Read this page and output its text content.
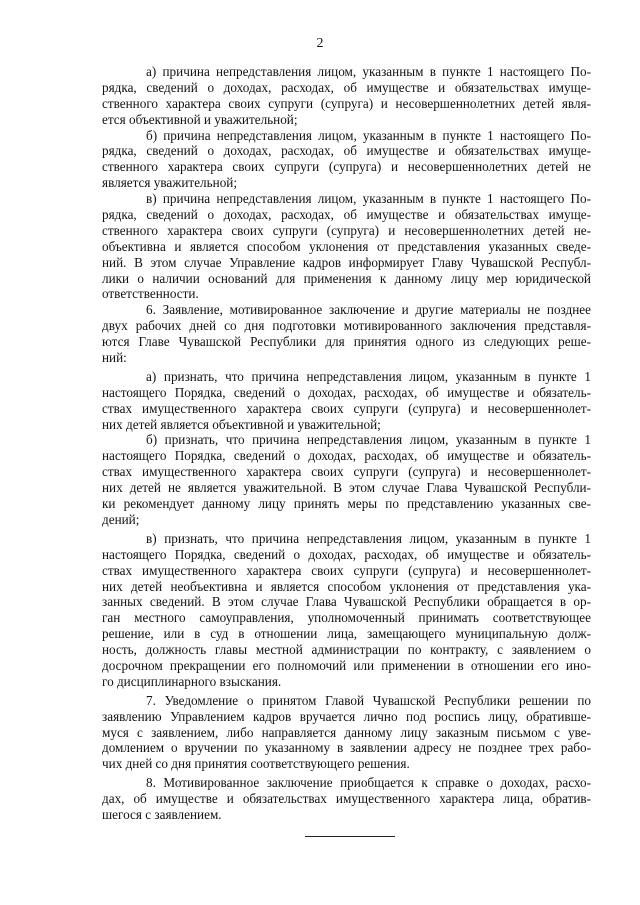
2
а) причина непредставления лицом, указанным в пункте 1 настоящего По-
рядка, сведений о доходах, расходах, об имуществе и обязательствах имуще-
ственного характера своих супруги (супруга) и несовершеннолетних детей явля-
ется объективной и уважительной;
б) причина непредставления лицом, указанным в пункте 1 настоящего По-
рядка, сведений о доходах, расходах, об имуществе и обязательствах имуще-
ственного характера своих супруги (супруга) и несовершеннолетних детей не
является уважительной;
в) причина непредставления лицом, указанным в пункте 1 настоящего По-
рядка, сведений о доходах, расходах, об имуществе и обязательствах имуще-
ственного характера своих супруги (супруга) и несовершеннолетних детей не-
объективна и является способом уклонения от представления указанных сведе-
ний. В этом случае Управление кадров информирует Главу Чувашской Республ-
лики о наличии оснований для применения к данному лицу мер юридической
ответственности.
6. Заявление, мотивированное заключение и другие материалы не позднее
двух рабочих дней со дня подготовки мотивированного заключения представля-
ются Главе Чувашской Республики для принятия одного из следующих реше-
ний:
а) признать, что причина непредставления лицом, указанным в пункте 1
настоящего Порядка, сведений о доходах, расходах, об имуществе и обязатель-
ствах имущественного характера своих супруги (супруга) и несовершеннолет-
них детей является объективной и уважительной;
б) признать, что причина непредставления лицом, указанным в пункте 1
настоящего Порядка, сведений о доходах, расходах, об имуществе и обязатель-
ствах имущественного характера своих супруги (супруга) и несовершеннолет-
них детей не является уважительной. В этом случае Глава Чувашской Республи-
ки рекомендует данному лицу принять меры по представлению указанных све-
дений;
в) признать, что причина непредставления лицом, указанным в пункте 1
настоящего Порядка, сведений о доходах, расходах, об имуществе и обязатель-
ствах имущественного характера своих супруги (супруга) и несовершеннолет-
них детей необъективна и является способом уклонения от представления ука-
занных сведений. В этом случае Глава Чувашской Республики обращается в ор-
ган местного самоуправления, уполномоченный принимать соответствующее
решение, или в суд в отношении лица, замещающего муниципальную долж-
ность, должность главы местной администрации по контракту, с заявлением о
досрочном прекращении его полномочий или применении в отношении его ино-
го дисциплинарного взыскания.
7. Уведомление о принятом Главой Чувашской Республики решении по
заявлению Управлением кадров вручается лично под роспись лицу, обративше-
муся с заявлением, либо направляется данному лицу заказным письмом с уве-
домлением о вручении по указанному в заявлении адресу не позднее трех рабо-
чих дней со дня принятия соответствующего решения.
8. Мотивированное заключение приобщается к справке о доходах, расхо-
дах, об имуществе и обязательствах имущественного характера лица, обратив-
шегося с заявлением.
